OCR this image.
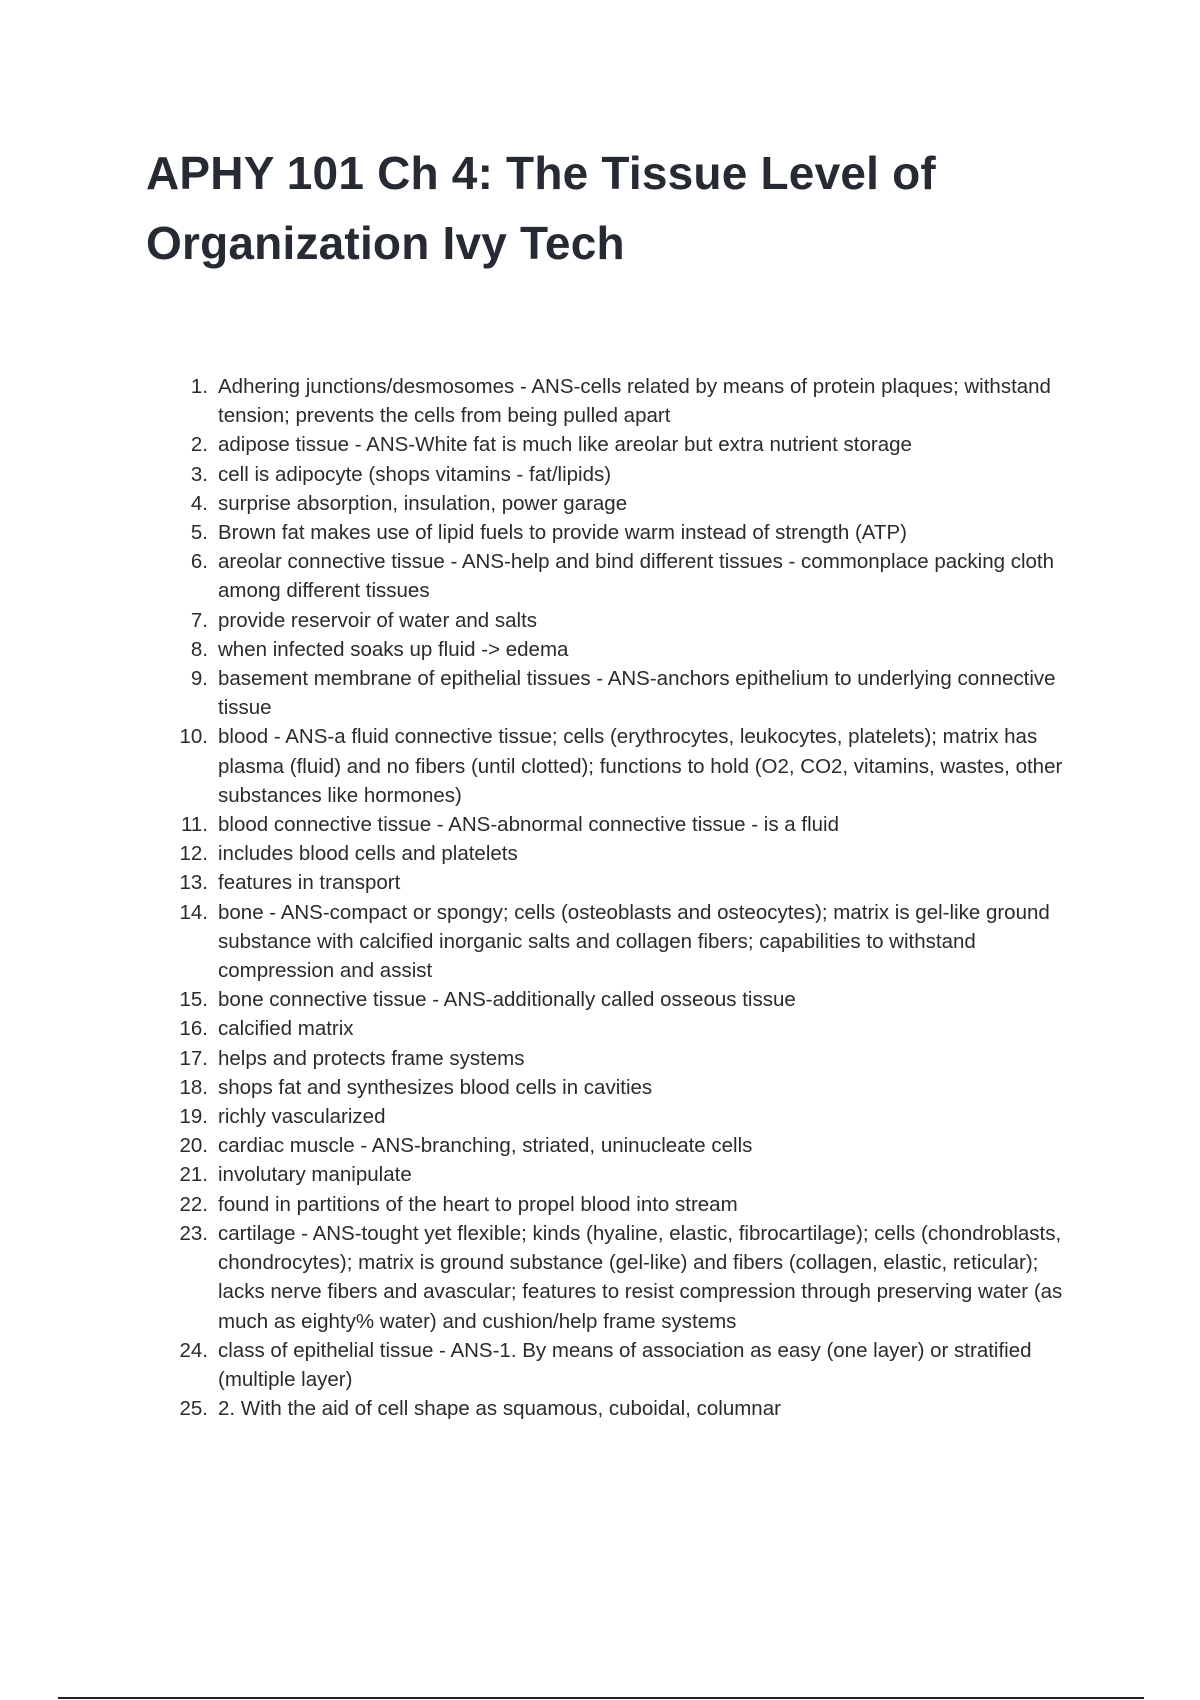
APHY 101 Ch 4: The Tissue Level of Organization Ivy Tech
1. Adhering junctions/desmosomes - ANS-cells related by means of protein plaques; withstand tension; prevents the cells from being pulled apart
2. adipose tissue - ANS-White fat is much like areolar but extra nutrient storage
3. cell is adipocyte (shops vitamins - fat/lipids)
4. surprise absorption, insulation, power garage
5. Brown fat makes use of lipid fuels to provide warm instead of strength (ATP)
6. areolar connective tissue - ANS-help and bind different tissues - commonplace packing cloth among different tissues
7. provide reservoir of water and salts
8. when infected soaks up fluid -> edema
9. basement membrane of epithelial tissues - ANS-anchors epithelium to underlying connective tissue
10. blood - ANS-a fluid connective tissue; cells (erythrocytes, leukocytes, platelets); matrix has plasma (fluid) and no fibers (until clotted); functions to hold (O2, CO2, vitamins, wastes, other substances like hormones)
11. blood connective tissue - ANS-abnormal connective tissue - is a fluid
12. includes blood cells and platelets
13. features in transport
14. bone - ANS-compact or spongy; cells (osteoblasts and osteocytes); matrix is gel-like ground substance with calcified inorganic salts and collagen fibers; capabilities to withstand compression and assist
15. bone connective tissue - ANS-additionally called osseous tissue
16. calcified matrix
17. helps and protects frame systems
18. shops fat and synthesizes blood cells in cavities
19. richly vascularized
20. cardiac muscle - ANS-branching, striated, uninucleate cells
21. involutary manipulate
22. found in partitions of the heart to propel blood into stream
23. cartilage - ANS-tought yet flexible; kinds (hyaline, elastic, fibrocartilage); cells (chondroblasts, chondrocytes); matrix is ground substance (gel-like) and fibers (collagen, elastic, reticular); lacks nerve fibers and avascular; features to resist compression through preserving water (as much as eighty% water) and cushion/help frame systems
24. class of epithelial tissue - ANS-1. By means of association as easy (one layer) or stratified (multiple layer)
25. 2. With the aid of cell shape as squamous, cuboidal, columnar
